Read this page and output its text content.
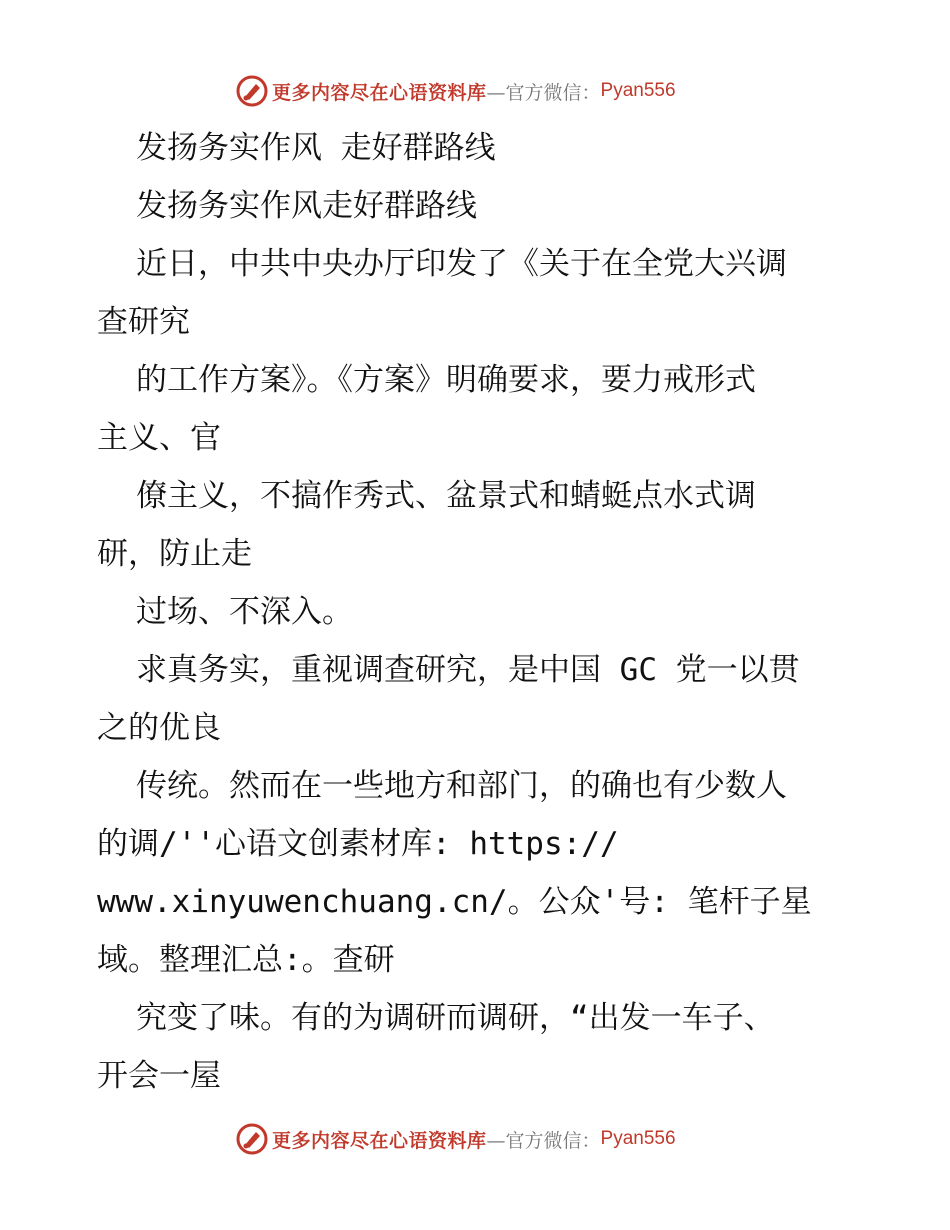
更多内容尽在心语资料库 —官方微信： Pyan556
发扬务实作风 走好群路线
发扬务实作风走好群路线
近日，中共中央办厅印发了《关于在全党大兴调
查研究
的工作方案》。《方案》明确要求，要力戒形式
主义、官
僚主义，不搞作秀式、盆景式和蜻蜓点水式调
研，防止走
过场、不深入。
求真务实，重视调查研究，是中国 GC 党一以贯
之的优良
传统。然而在一些地方和部门，的确也有少数人
的调/''心语文创素材库: https://
www.xinyuwenchuang.cn/。公众'号: 笔杆子星
域。整理汇总:。查研
究变了味。有的为调研而调研，“出发一车子、
开会一屋
更多内容尽在心语资料库 —官方微信： Pyan556
